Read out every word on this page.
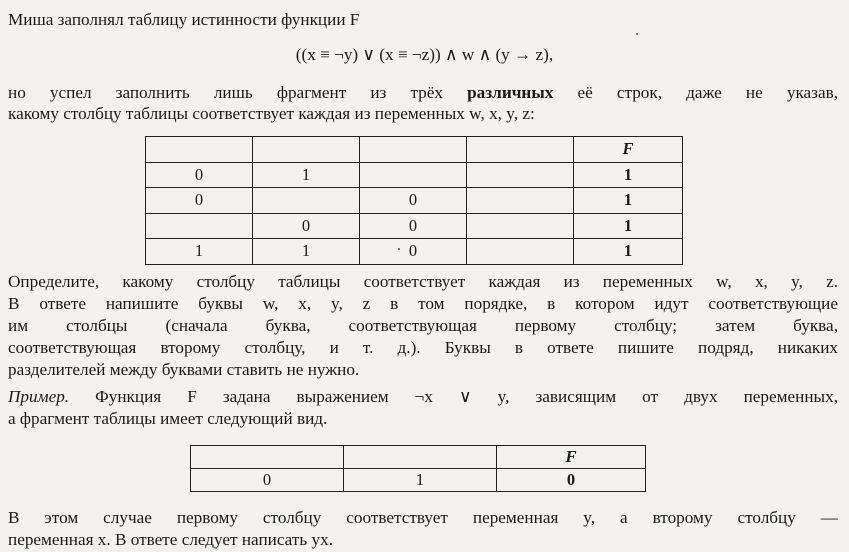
Миша заполнял таблицу истинности функции F
((x ≡ ¬y) ∨ (x ≡ ¬z)) ∧ w ∧ (y → z),
но успел заполнить лишь фрагмент из трёх различных её строк, даже не указав,
какому столбцу таблицы соответствует каждая из переменных w, x, y, z:
				F
0	1			1
0		0		1
	0	0		1
1	1	0		1
Определите, какому столбцу таблицы соответствует каждая из переменных w, x, y, z.
В ответе напишите буквы w, x, y, z в том порядке, в котором идут соответствующие
им столбцы (сначала буква, соответствующая первому столбцу; затем буква,
соответствующая второму столбцу, и т. д.). Буквы в ответе пишите подряд, никаких
разделителей между буквами ставить не нужно.
Пример. Функция F задана выражением ¬x ∨ y, зависящим от двух переменных,
а фрагмент таблицы имеет следующий вид.
		F
0	1	0
В этом случае первому столбцу соответствует переменная y, а второму столбцу —
переменная x. В ответе следует написать yx.
